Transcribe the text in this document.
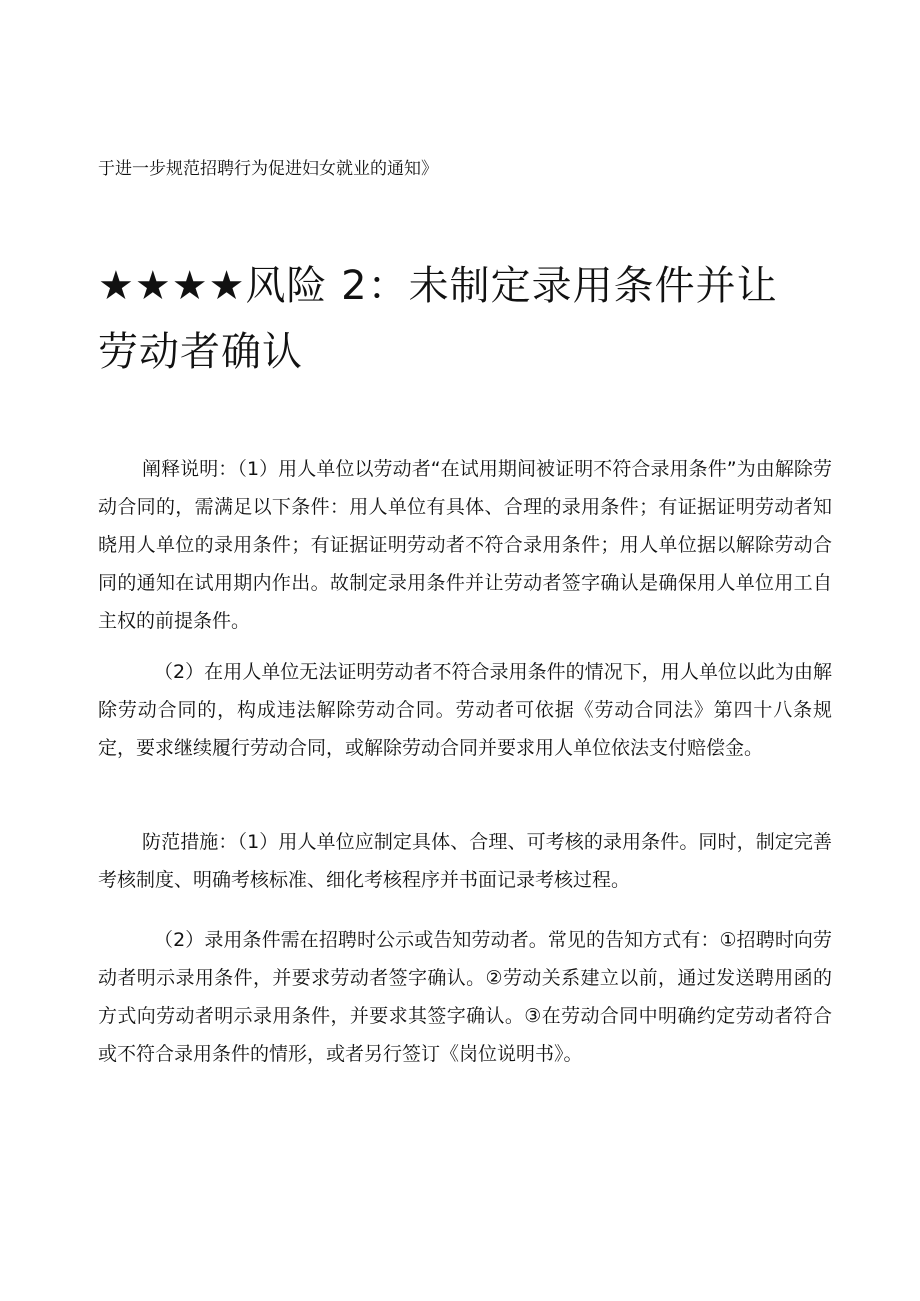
于进一步规范招聘行为促进妇女就业的通知》

★★★★风险 2：未制定录用条件并让劳动者确认

阐释说明：（1）用人单位以劳动者“在试用期间被证明不符合录用条件”为由解除劳动合同的，需满足以下条件：用人单位有具体、合理的录用条件；有证据证明劳动者知晓用人单位的录用条件；有证据证明劳动者不符合录用条件；用人单位据以解除劳动合同的通知在试用期内作出。故制定录用条件并让劳动者签字确认是确保用人单位用工自主权的前提条件。

（2）在用人单位无法证明劳动者不符合录用条件的情况下，用人单位以此为由解除劳动合同的，构成违法解除劳动合同。劳动者可依据《劳动合同法》第四十八条规定，要求继续履行劳动合同，或解除劳动合同并要求用人单位依法支付赔偿金。

防范措施：（1）用人单位应制定具体、合理、可考核的录用条件。同时，制定完善考核制度、明确考核标准、细化考核程序并书面记录考核过程。

（2）录用条件需在招聘时公示或告知劳动者。常见的告知方式有：①招聘时向劳动者明示录用条件，并要求劳动者签字确认。②劳动关系建立以前，通过发送聘用函的方式向劳动者明示录用条件，并要求其签字确认。③在劳动合同中明确约定劳动者符合或不符合录用条件的情形，或者另行签订《岗位说明书》。
